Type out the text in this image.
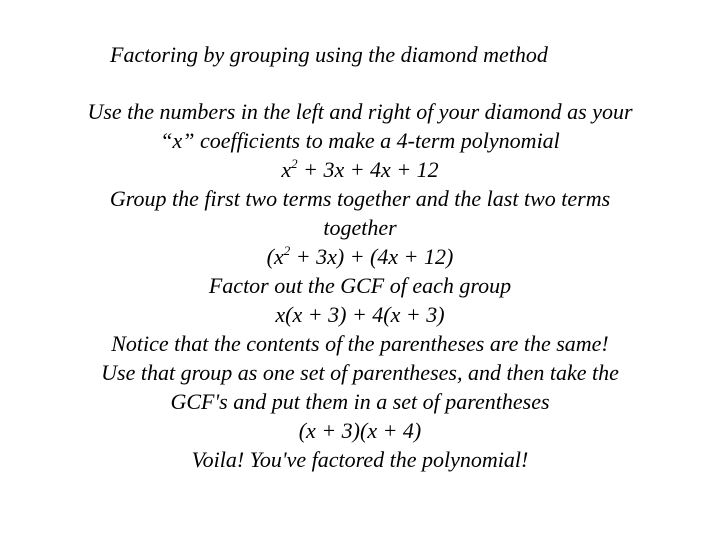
Factoring by grouping using the diamond method
Use the numbers in the left and right of your diamond as your
“x” coefficients to make a 4-term polynomial
$x^2 + 3x + 4x + 12$
Group the first two terms together and the last two terms
together
$(x^2 + 3x) + (4x + 12)$
Factor out the GCF of each group
x(x + 3) + 4(x + 3)
Notice that the contents of the parentheses are the same!
Use that group as one set of parentheses, and then take the
GCF's and put them in a set of parentheses
(x + 3)(x + 4)
Voila! You've factored the polynomial!
